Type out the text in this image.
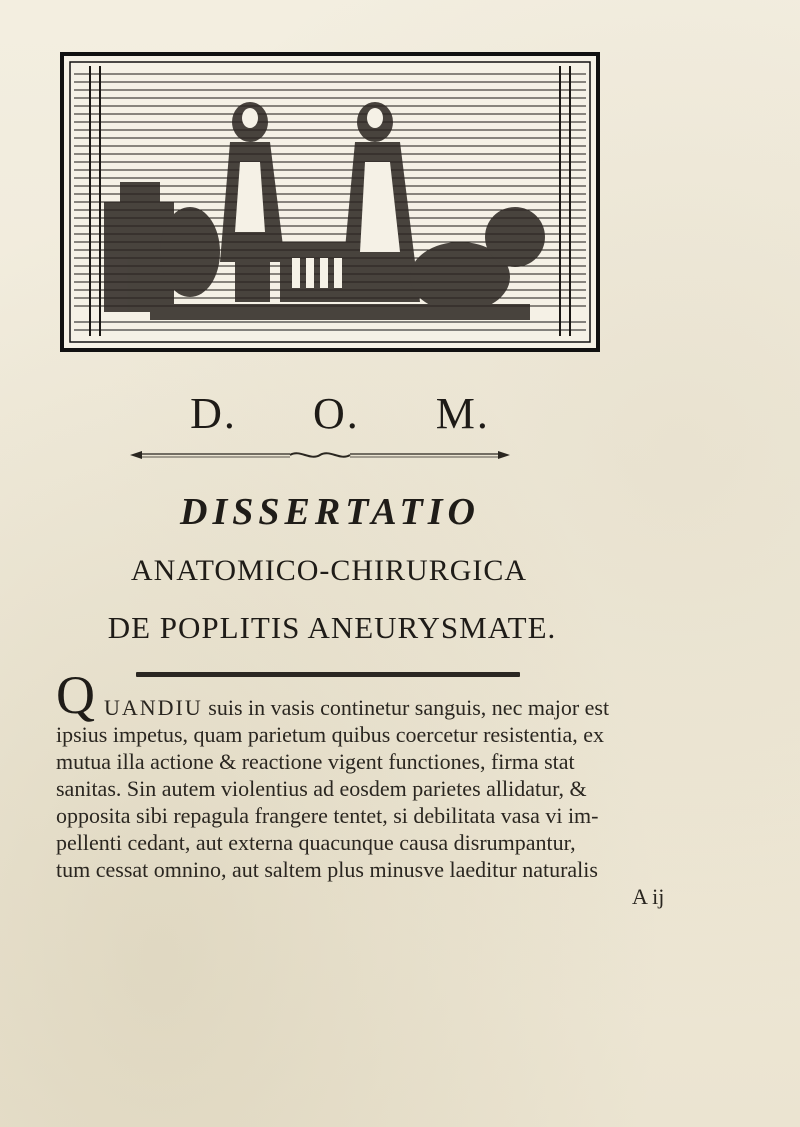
D. O. M.
DISSERTATIO
ANATOMICO-CHIRURGICA
DE POPLITIS ANEURYSMATE.
Q UANDIU suis in vasis continetur sanguis, nec major est
ipsius impetus, quam parietum quibus coercetur resistentia, ex
mutua illa actione & reactione vigent functiones, firma stat
sanitas. Sin autem violentius ad eosdem parietes allidatur, &
opposita sibi repagula frangere tentet, si debilitata vasa vi im-
pellenti cedant, aut externa quacunque causa disrumpantur,
tum cessat omnino, aut saltem plus minusve laeditur naturalis
A ij
